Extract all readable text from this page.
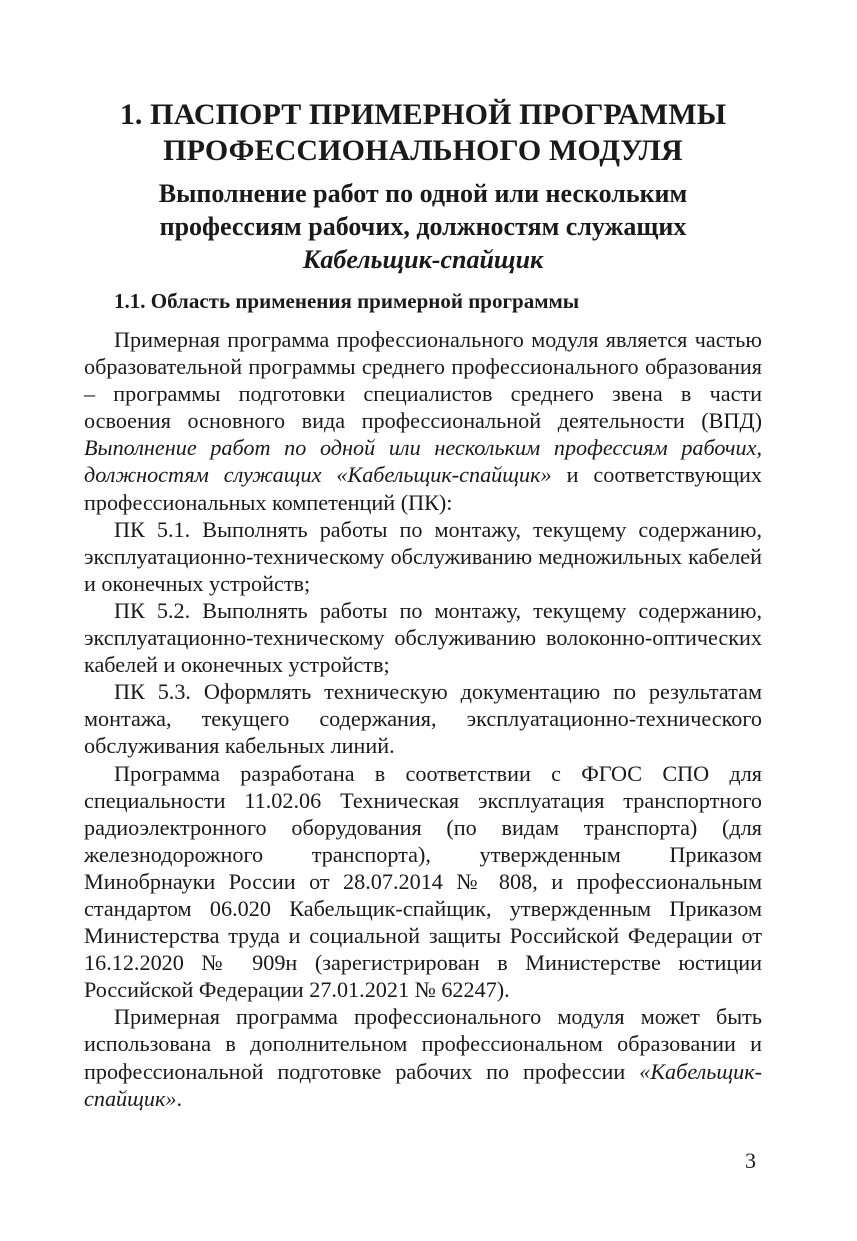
1. ПАСПОРТ ПРИМЕРНОЙ ПРОГРАММЫ
ПРОФЕССИОНАЛЬНОГО МОДУЛЯ
Выполнение работ по одной или нескольким
профессиям рабочих, должностям служащих
Кабельщик-спайщик
1.1. Область применения примерной программы

Примерная программа профессионального модуля является частью образовательной программы среднего профессионального образования – программы подготовки специалистов среднего звена в части освоения основного вида профессиональной деятельности (ВПД) Выполнение работ по одной или нескольким профессиям рабочих, должностям служащих «Кабельщик-спайщик» и соответствующих профессиональных компетенций (ПК):

ПК 5.1. Выполнять работы по монтажу, текущему содержанию, эксплуатационно-техническому обслуживанию медножильных кабелей и оконечных устройств;

ПК 5.2. Выполнять работы по монтажу, текущему содержанию, эксплуатационно-техническому обслуживанию волоконно-оптических кабелей и оконечных устройств;

ПК 5.3. Оформлять техническую документацию по результатам монтажа, текущего содержания, эксплуатационно-технического обслуживания кабельных линий.

Программа разработана в соответствии с ФГОС СПО для специальности 11.02.06 Техническая эксплуатация транспортного радиоэлектронного оборудования (по видам транспорта) (для железнодорожного транспорта), утвержденным Приказом Минобрнауки России от 28.07.2014 № 808, и профессиональным стандартом 06.020 Кабельщик-спайщик, утвержденным Приказом Министерства труда и социальной защиты Российской Федерации от 16.12.2020 № 909н (зарегистрирован в Министерстве юстиции Российской Федерации 27.01.2021 № 62247).

Примерная программа профессионального модуля может быть использована в дополнительном профессиональном образовании и профессиональной подготовке рабочих по профессии «Кабельщик-спайщик».

3
